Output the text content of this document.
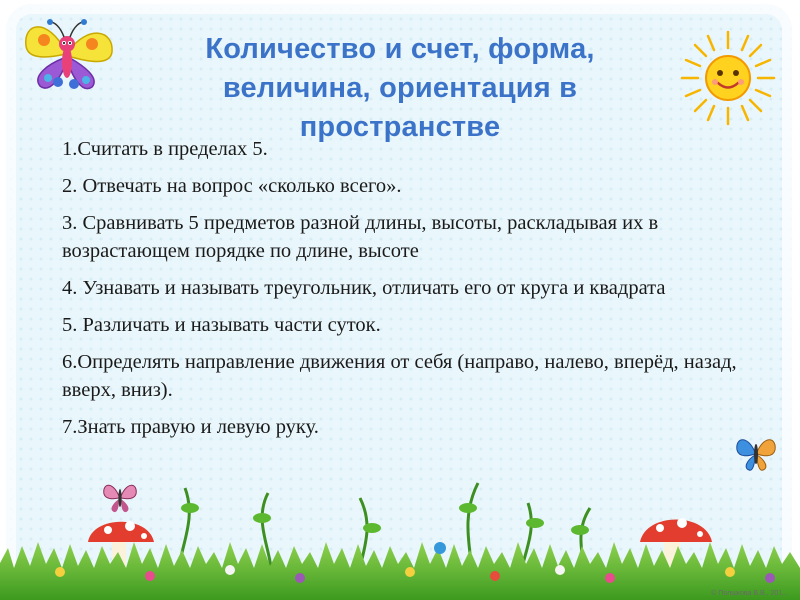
Количество и счет, форма, величина, ориентация в пространстве
1.Считать в пределах 5.
2. Отвечать на вопрос «сколько всего».
3. Сравнивать 5 предметов разной длины, высоты, раскладывая их в возрастающем порядке по длине, высоте
4. Узнавать и называть треугольник, отличать его от круга и квадрата
5. Различать и называть части суток.
6.Определять направление движения от себя (направо, налево, вперёд, назад, вверх, вниз).
7.Знать правую и левую руку.
© Полшкова В.В., 201...
